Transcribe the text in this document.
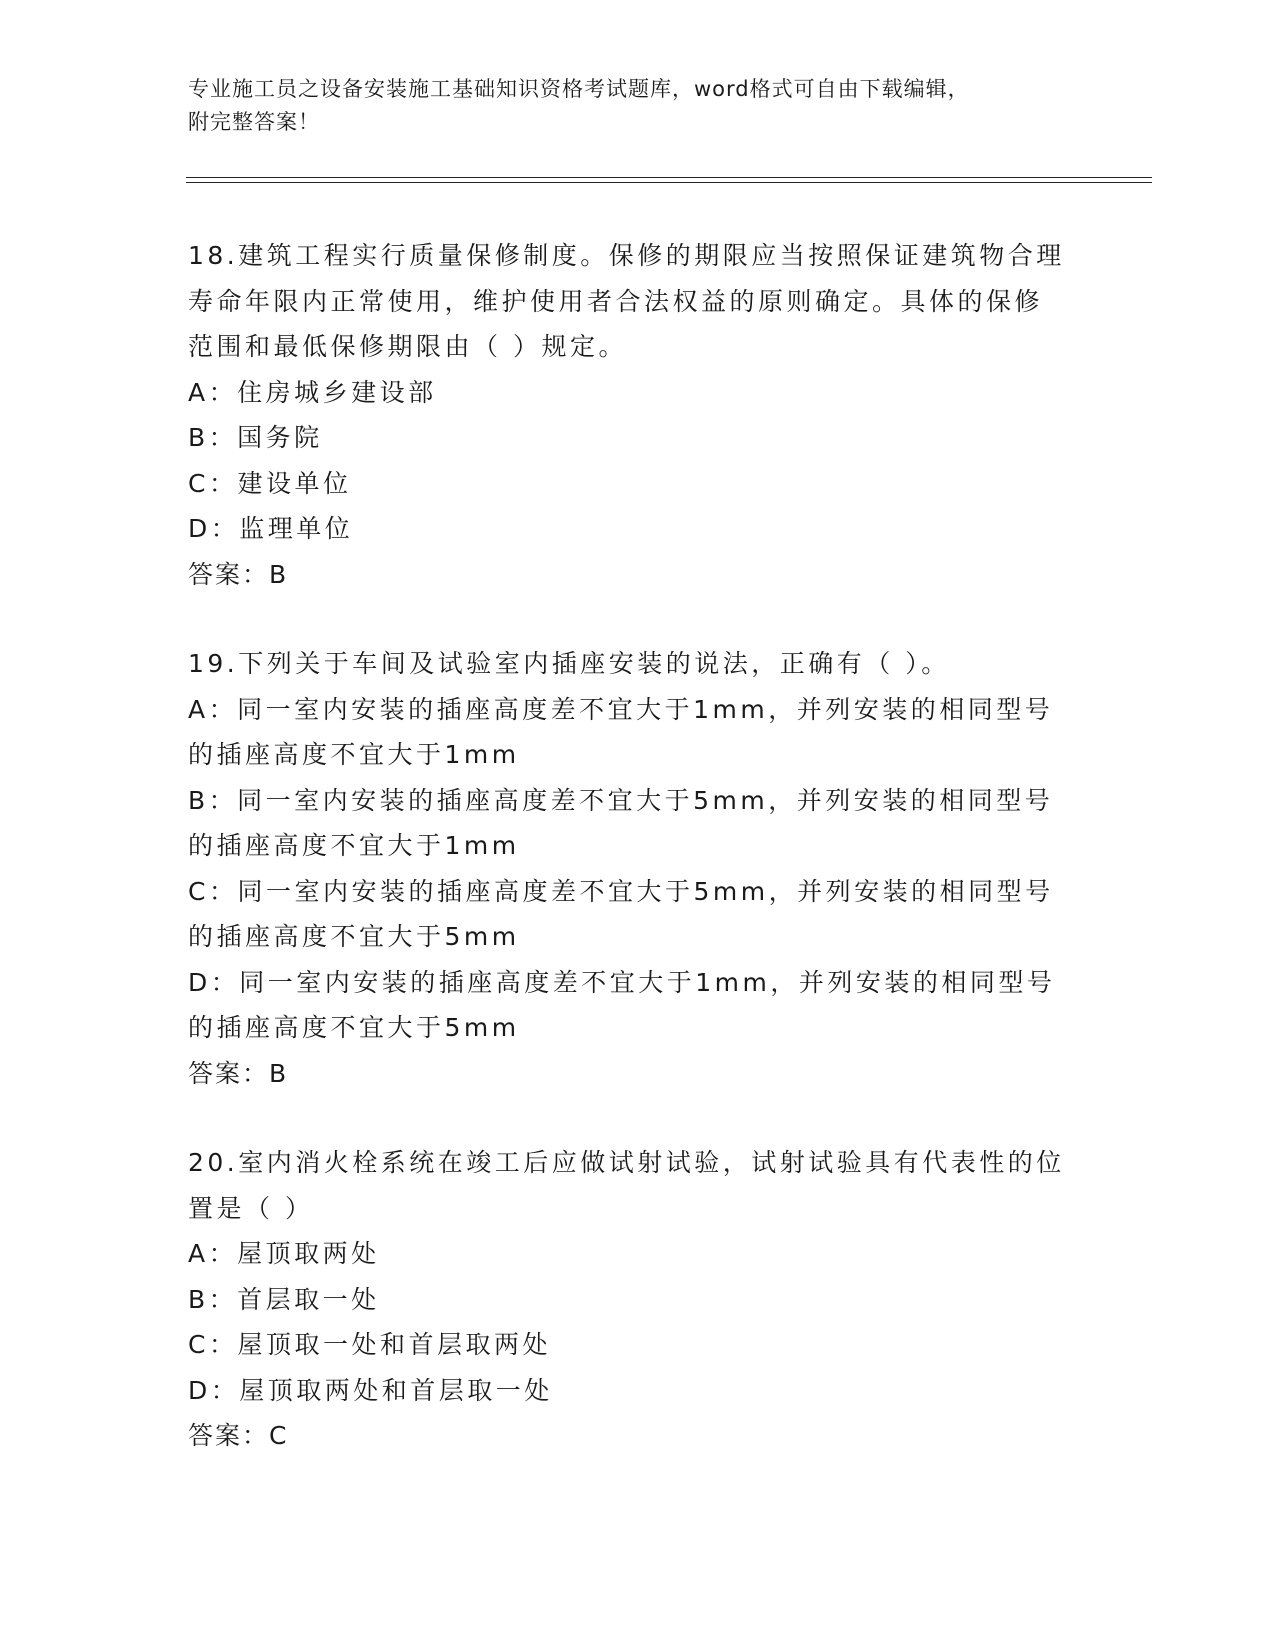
专业施工员之设备安装施工基础知识资格考试题库，word格式可自由下载编辑，
附完整答案！
18.建筑工程实行质量保修制度。保修的期限应当按照保证建筑物合理寿命年限内正常使用，维护使用者合法权益的原则确定。具体的保修范围和最低保修期限由（ ）规定。
A：住房城乡建设部
B：国务院
C：建设单位
D：监理单位
答案：B
19.下列关于车间及试验室内插座安装的说法，正确有（ ）。
A：同一室内安装的插座高度差不宜大于1mm，并列安装的相同型号的插座高度不宜大于1mm
B：同一室内安装的插座高度差不宜大于5mm，并列安装的相同型号的插座高度不宜大于1mm
C：同一室内安装的插座高度差不宜大于5mm，并列安装的相同型号的插座高度不宜大于5mm
D：同一室内安装的插座高度差不宜大于1mm，并列安装的相同型号的插座高度不宜大于5mm
答案：B
20.室内消火栓系统在竣工后应做试射试验，试射试验具有代表性的位置是（ ）
A：屋顶取两处
B：首层取一处
C：屋顶取一处和首层取两处
D：屋顶取两处和首层取一处
答案：C
